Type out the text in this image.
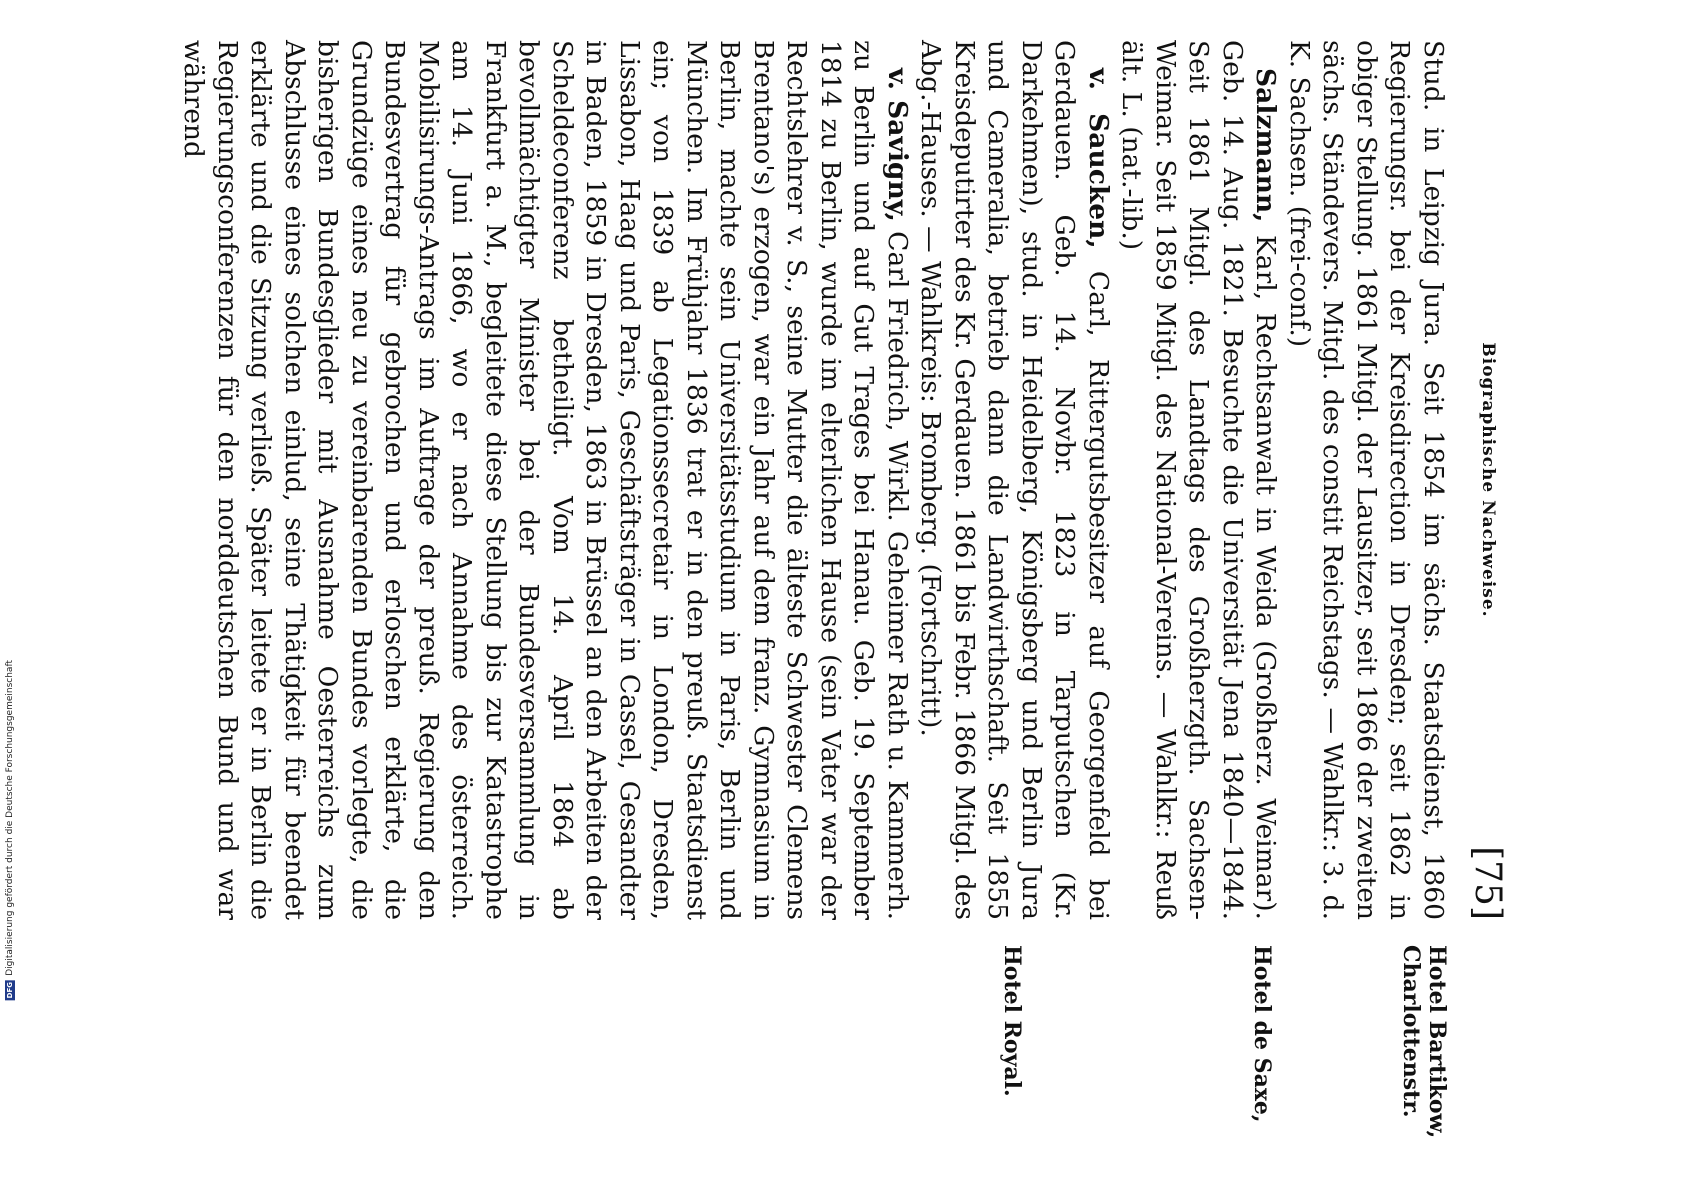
Digitalisierung gefördert durch die Deutsche Forschungsgemeinschaft
DFG
Biographische Nachweise.
[75]

Stud. in Leipzig Jura. Seit 1854 im sächs. Staatsdienst, 1860 Regierungsr. bei der Kreisdirection in Dresden; seit 1862 in obiger Stellung. 1861 Mitgl. der Lausitzer, seit 1866 der zweiten sächs. Ständevers. Mitgl. des constit Reichstags. — Wahlkr.: 3. d. K. Sachsen. (frei-conf.)

Salzmann, Karl, Rechtsanwalt in Weida (Großherz. Weimar). Geb. 14. Aug. 1821. Besuchte die Universität Jena 1840—1844. Seit 1861 Mitgl. des Landtags des Großherzgth. Sachsen-Weimar. Seit 1859 Mitgl. des National-Vereins. — Wahlkr.: Reuß ält. L. (nat.-lib.)

v. Saucken, Carl, Rittergutsbesitzer auf Georgenfeld bei Gerdauen. Geb. 14. Novbr. 1823 in Tarputschen (Kr. Darkehmen), stud. in Heidelberg, Königsberg und Berlin Jura und Cameralia, betrieb dann die Landwirthschaft. Seit 1855 Kreisdeputirter des Kr. Gerdauen. 1861 bis Febr. 1866 Mitgl. des Abg.-Hauses. — Wahlkreis: Bromberg. (Fortschritt).

v. Savigny, Carl Friedrich, Wirkl. Geheimer Rath u. Kammerh. zu Berlin und auf Gut Trages bei Hanau. Geb. 19. September 1814 zu Berlin, wurde im elterlichen Hause (sein Vater war der Rechtslehrer v. S., seine Mutter die älteste Schwester Clemens Brentano's) erzogen, war ein Jahr auf dem franz. Gymnasium in Berlin, machte sein Universitätsstudium in Paris, Berlin und München. Im Frühjahr 1836 trat er in den preuß. Staatsdienst ein; von 1839 ab Legationssecretair in London, Dresden, Lissabon, Haag und Paris, Geschäftsträger in Cassel, Gesandter in Baden, 1859 in Dresden, 1863 in Brüssel an den Arbeiten der Scheldeconferenz betheiligt. Vom 14. April 1864 ab bevollmächtigter Minister bei der Bundesversammlung in Frankfurt a. M., begleitete diese Stellung bis zur Katastrophe am 14. Juni 1866, wo er nach Annahme des österreich. Mobilisirungs-Antrags im Auftrage der preuß. Regierung den Bundesvertrag für gebrochen und erloschen erklärte, die Grundzüge eines neu zu vereinbarenden Bundes vorlegte, die bisherigen Bundesglieder mit Ausnahme Oesterreichs zum Abschlusse eines solchen einlud, seine Thätigkeit für beendet erklärte und die Sitzung verließ. Später leitete er in Berlin die Regierungsconferenzen für den norddeutschen Bund und war während

Hotel Bartikow, Charlottenstr.
Hotel de Saxe,
Hotel Royal.
